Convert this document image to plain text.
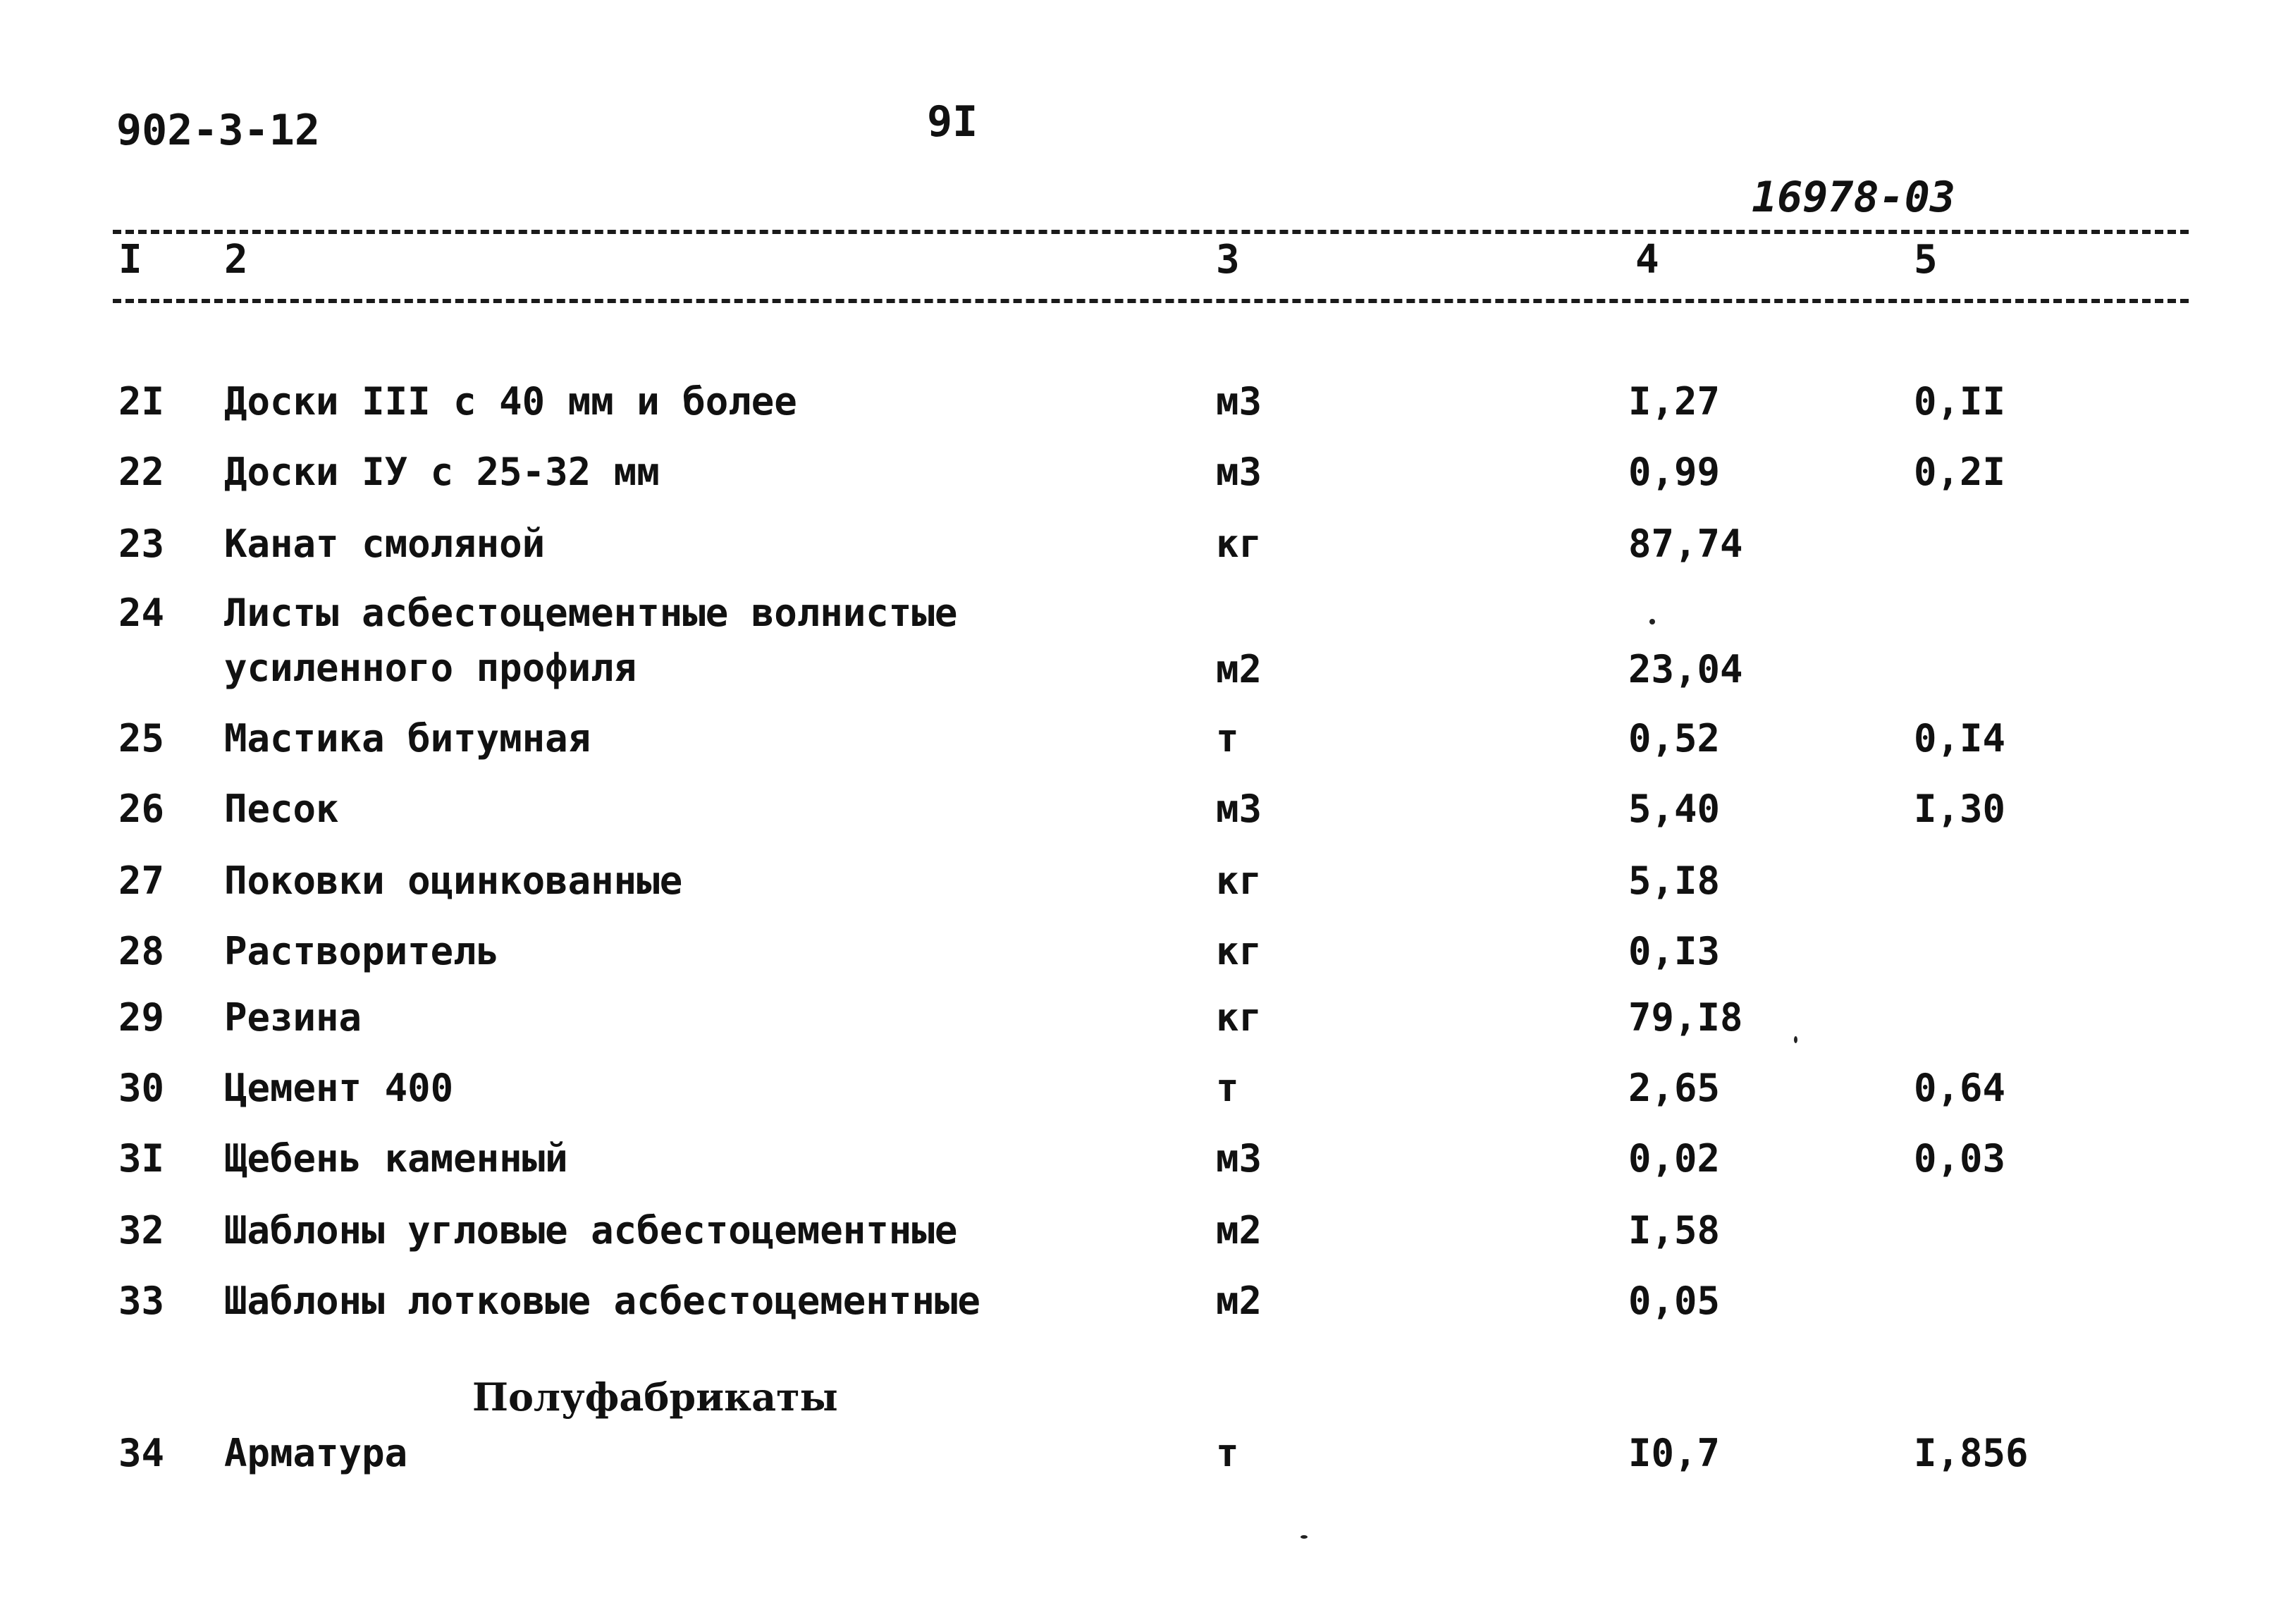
902-3-12	9I
16978-03
I 2	3	4	5
2I Доски III с 40 мм и более	м3	I,27	0,II
22 Доски IУ с 25-32 мм	м3	0,99	0,2I
23 Канат смоляной	кг	87,74
24 Листы асбестоцементные волнистые
усиленного профиля	м2	23,04
25 Мастика битумная	т	0,52	0,I4
26 Песок	м3	5,40	I,30
27 Поковки оцинкованные	кг	5,I8
28 Растворитель	кг	0,I3
29 Резина	кг	79,I8
30 Цемент 400	т	2,65	0,64
3I Щебень каменный	м3	0,02	0,03
32 Шаблоны угловые асбестоцементные	м2	I,58
33 Шаблоны лотковые асбестоцементные	м2	0,05
Полуфабрикаты
34 Арматура	т	I0,7	I,856
